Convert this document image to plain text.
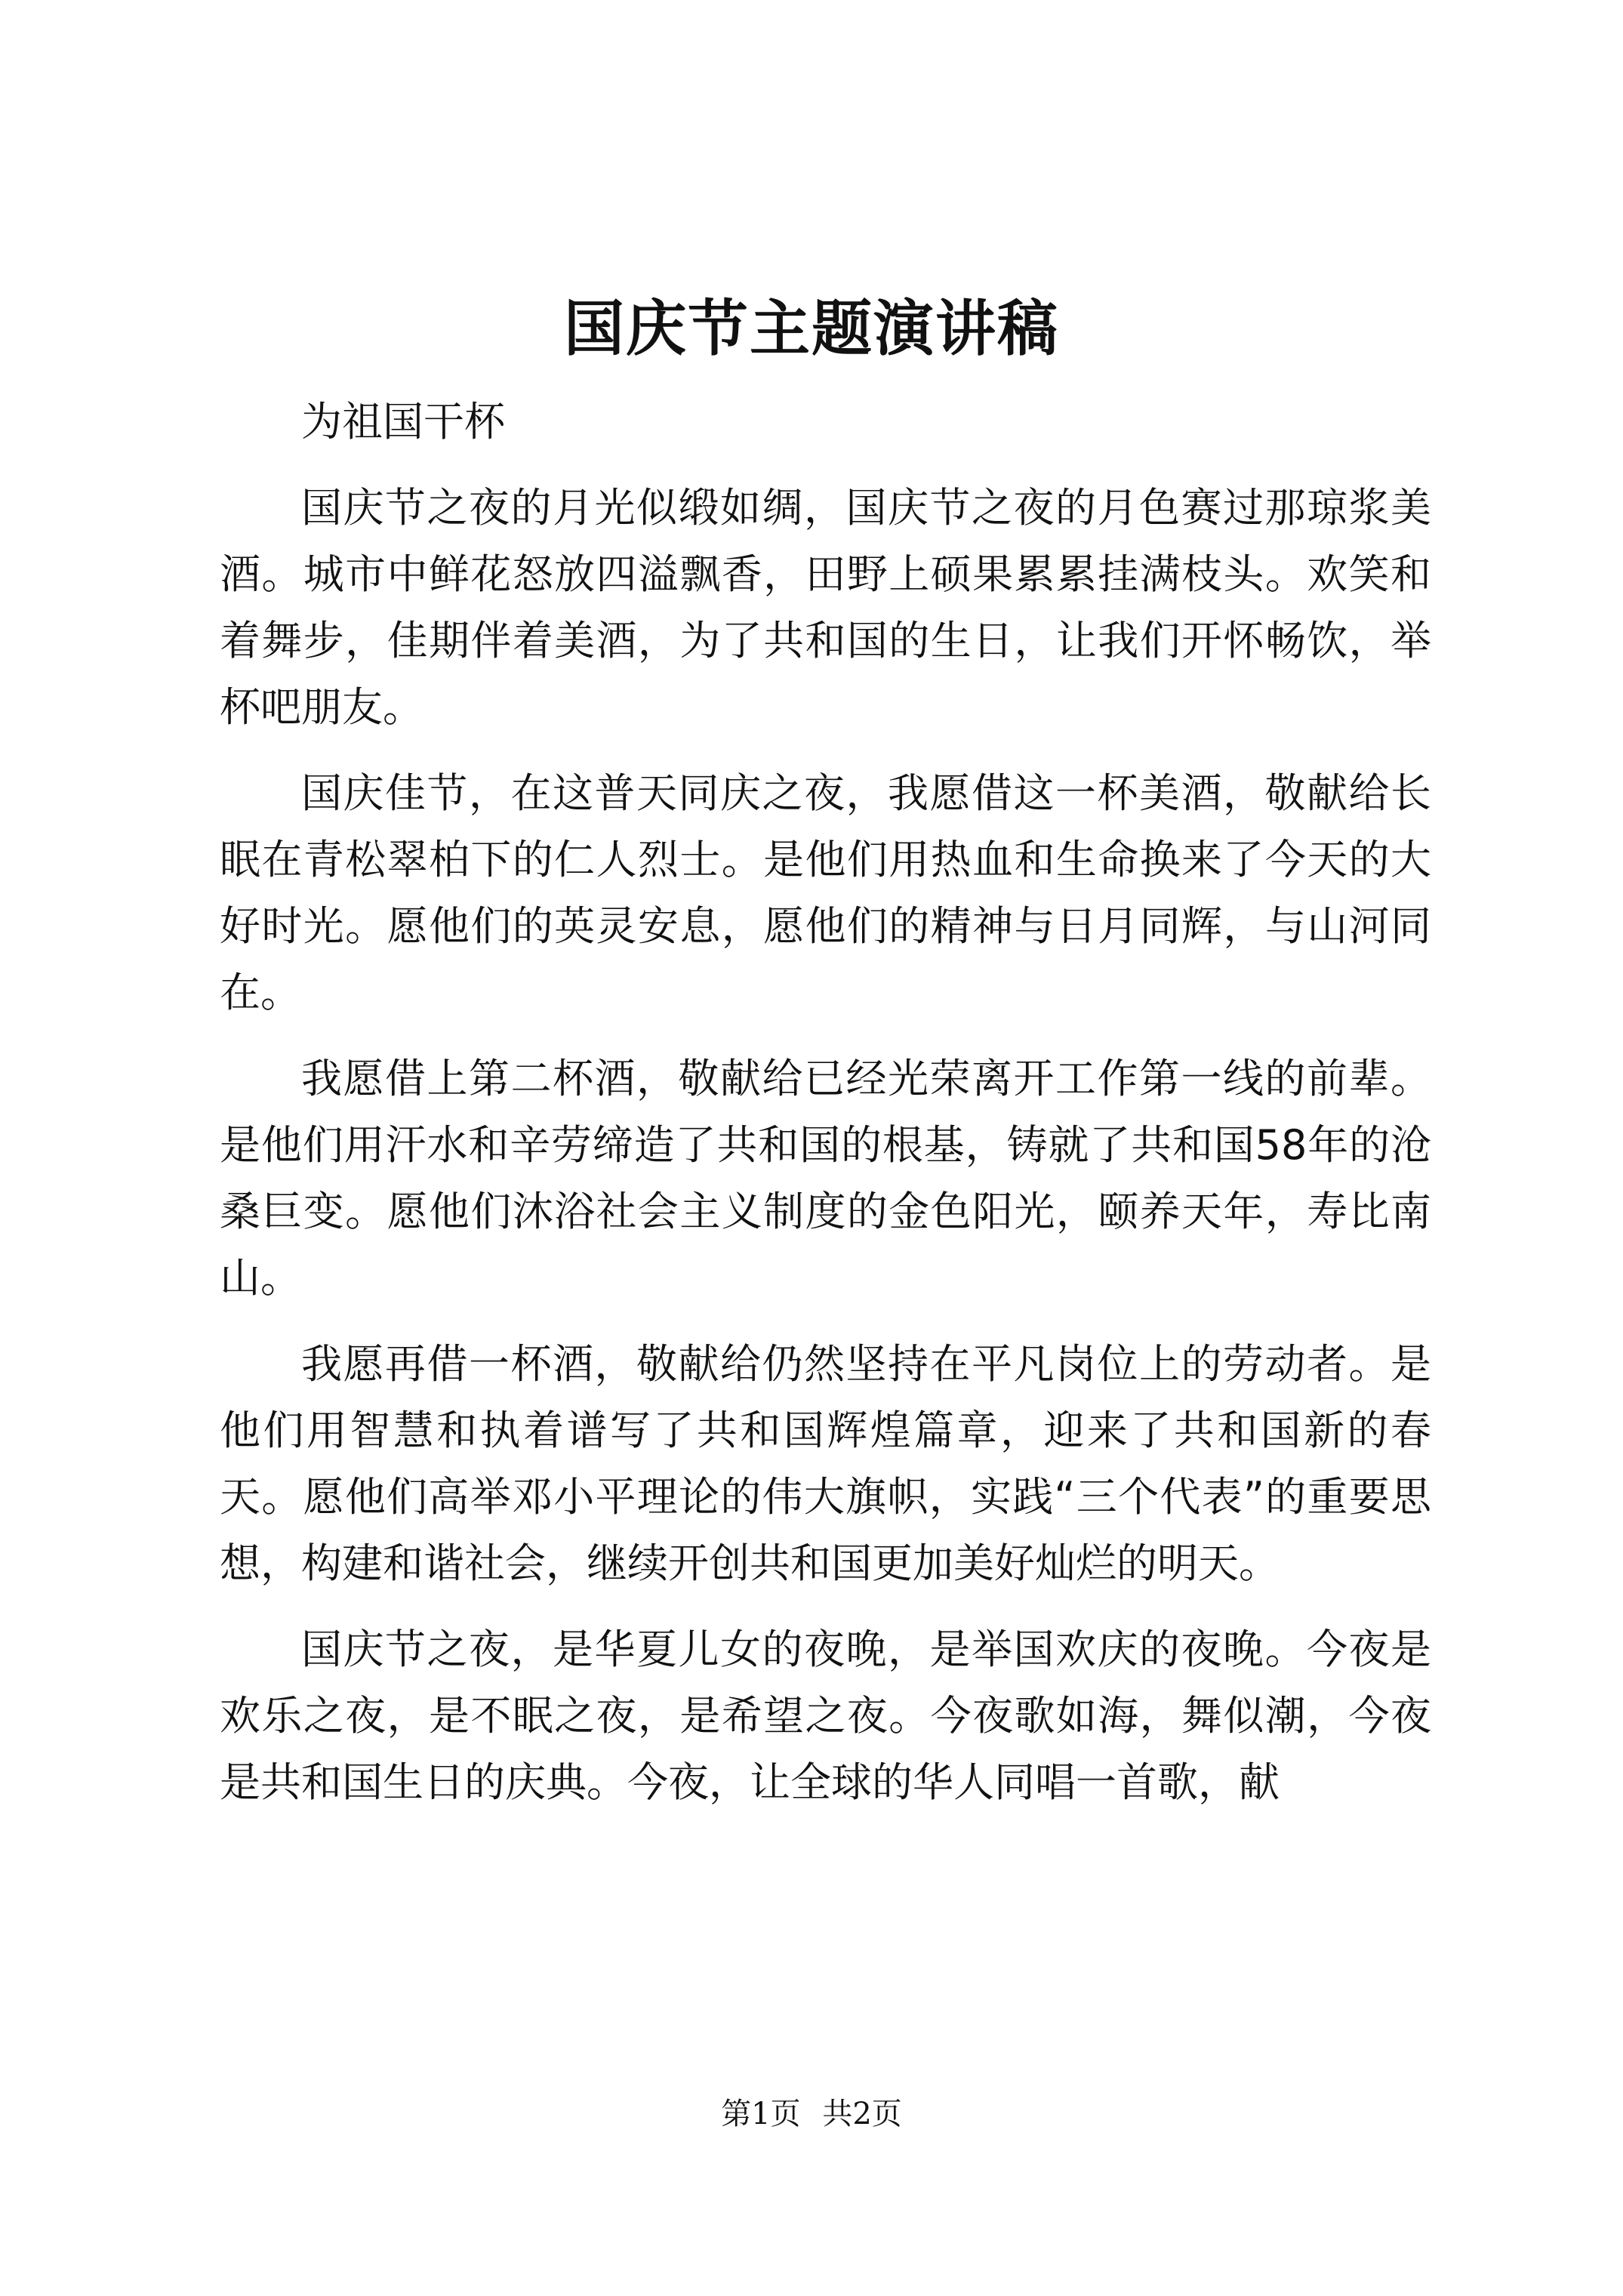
国庆节主题演讲稿

为祖国干杯

国庆节之夜的月光似缎如绸，国庆节之夜的月色赛过那琼浆美酒。城市中鲜花怒放四溢飘香，田野上硕果累累挂满枝头。欢笑和着舞步，佳期伴着美酒，为了共和国的生日，让我们开怀畅饮，举杯吧朋友。

国庆佳节，在这普天同庆之夜，我愿借这一杯美酒，敬献给长眠在青松翠柏下的仁人烈士。是他们用热血和生命换来了今天的大好时光。愿他们的英灵安息，愿他们的精神与日月同辉，与山河同在。

我愿借上第二杯酒，敬献给已经光荣离开工作第一线的前辈。是他们用汗水和辛劳缔造了共和国的根基，铸就了共和国58年的沧桑巨变。愿他们沐浴社会主义制度的金色阳光，颐养天年，寿比南山。

我愿再借一杯酒，敬献给仍然坚持在平凡岗位上的劳动者。是他们用智慧和执着谱写了共和国辉煌篇章，迎来了共和国新的春天。愿他们高举邓小平理论的伟大旗帜，实践“三个代表”的重要思想，构建和谐社会，继续开创共和国更加美好灿烂的明天。

国庆节之夜，是华夏儿女的夜晚，是举国欢庆的夜晚。今夜是欢乐之夜，是不眠之夜，是希望之夜。今夜歌如海，舞似潮，今夜是共和国生日的庆典。今夜，让全球的华人同唱一首歌，献

第1页 共2页
